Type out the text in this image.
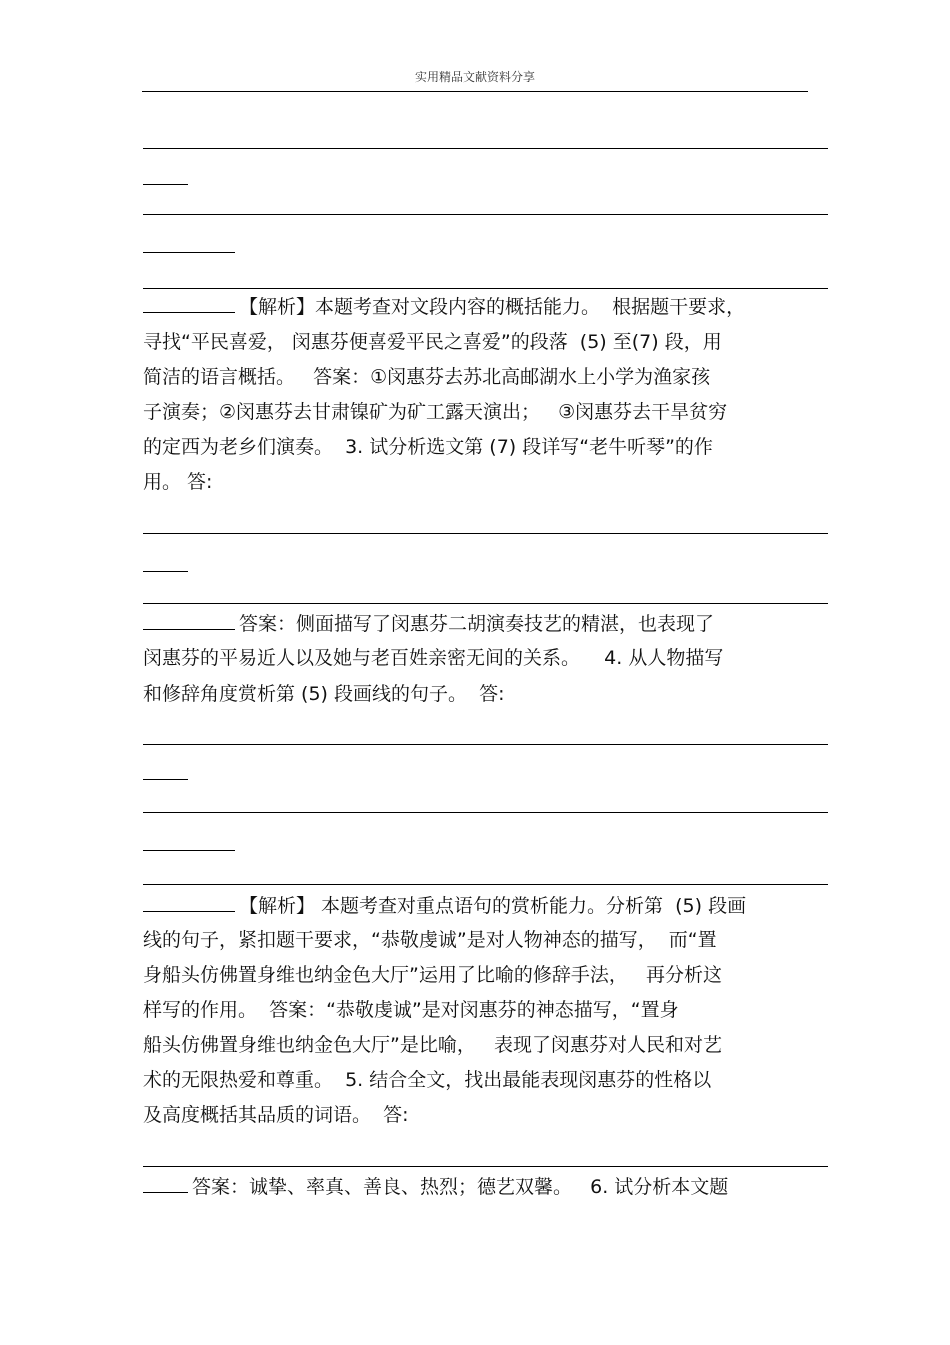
实用精品文献资料分享
【解析】本题考查对文段内容的概括能力。  根据题干要求，
寻找“平民喜爱， 闵惠芬便喜爱平民之喜爱”的段落  (5) 至(7) 段，用
简洁的语言概括。   答案：①闵惠芬去苏北高邮湖水上小学为渔家孩
子演奏；②闵惠芬去甘肃镍矿为矿工露天演出；   ③闵惠芬去干旱贫穷
的定西为老乡们演奏。  3. 试分析选文第 (7) 段详写“老牛听琴”的作
用。 答:
答案：侧面描写了闵惠芬二胡演奏技艺的精湛，也表现了
闵惠芬的平易近人以及她与老百姓亲密无间的关系。    4. 从人物描写
和修辞角度赏析第 (5) 段画线的句子。  答:
【解析】 本题考查对重点语句的赏析能力。分析第  (5) 段画
线的句子，紧扣题干要求，“恭敬虔诚”是对人物神态的描写，  而“置
身船头仿佛置身维也纳金色大厅”运用了比喻的修辞手法，   再分析这
样写的作用。  答案：“恭敬虔诚”是对闵惠芬的神态描写，“置身
船头仿佛置身维也纳金色大厅”是比喻，   表现了闵惠芬对人民和对艺
术的无限热爱和尊重。  5. 结合全文，找出最能表现闵惠芬的性格以
及高度概括其品质的词语。  答:
答案：诚挚、率真、善良、热烈；德艺双馨。   6. 试分析本文题
